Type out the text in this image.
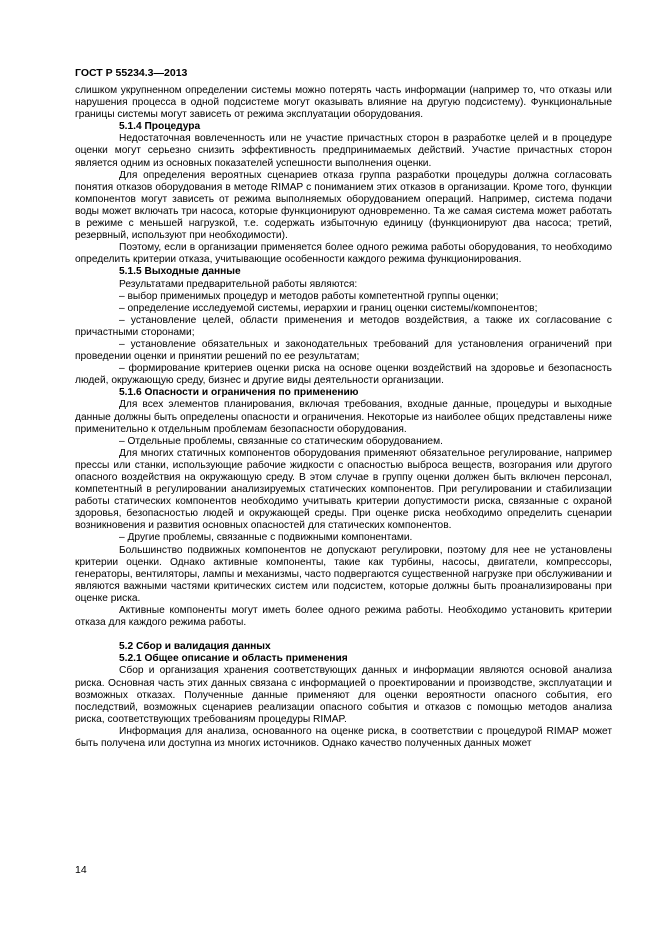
ГОСТ Р 55234.3—2013

слишком укрупненном определении системы можно потерять часть информации (например то, что отказы или нарушения процесса в одной подсистеме могут оказывать влияние на другую подсистему). Функциональные границы системы могут зависеть от режима эксплуатации оборудования.

5.1.4 Процедура

Недостаточная вовлеченность или не участие причастных сторон в разработке целей и в процедуре оценки могут серьезно снизить эффективность предпринимаемых действий. Участие причастных сторон является одним из основных показателей успешности выполнения оценки.

Для определения вероятных сценариев отказа группа разработки процедуры должна согласовать понятия отказов оборудования в методе RIMAP с пониманием этих отказов в организации. Кроме того, функции компонентов могут зависеть от режима выполняемых оборудованием операций. Например, система подачи воды может включать три насоса, которые функционируют одновременно. Та же самая система может работать в режиме с меньшей нагрузкой, т.е. содержать избыточную единицу (функционируют два насоса; третий, резервный, используют при необходимости).

Поэтому, если в организации применяется более одного режима работы оборудования, то необходимо определить критерии отказа, учитывающие особенности каждого режима функционирования.

5.1.5 Выходные данные

Результатами предварительной работы являются:

– выбор применимых процедур и методов работы компетентной группы оценки;

– определение исследуемой системы, иерархии и границ оценки системы/компонентов;

– установление целей, области применения и методов воздействия, а также их согласование с причастными сторонами;

– установление обязательных и законодательных требований для установления ограничений при проведении оценки и принятии решений по ее результатам;

– формирование критериев оценки риска на основе оценки воздействий на здоровье и безопасность людей, окружающую среду, бизнес и другие виды деятельности организации.

5.1.6 Опасности и ограничения по применению

Для всех элементов планирования, включая требования, входные данные, процедуры и выходные данные должны быть определены опасности и ограничения. Некоторые из наиболее общих представлены ниже применительно к отдельным проблемам безопасности оборудования.

– Отдельные проблемы, связанные со статическим оборудованием.

Для многих статичных компонентов оборудования применяют обязательное регулирование, например прессы или станки, использующие рабочие жидкости с опасностью выброса веществ, возгорания или другого опасного воздействия на окружающую среду. В этом случае в группу оценки должен быть включен персонал, компетентный в регулировании анализируемых статических компонентов. При регулировании и стабилизации работы статических компонентов необходимо учитывать критерии допустимости риска, связанные с охраной здоровья, безопасностью людей и окружающей среды. При оценке риска необходимо определить сценарии возникновения и развития основных опасностей для статических компонентов.

– Другие проблемы, связанные с подвижными компонентами.

Большинство подвижных компонентов не допускают регулировки, поэтому для нее не установлены критерии оценки. Однако активные компоненты, такие как турбины, насосы, двигатели, компрессоры, генераторы, вентиляторы, лампы и механизмы, часто подвергаются существенной нагрузке при обслуживании и являются важными частями критических систем или подсистем, которые должны быть проанализированы при оценке риска.

Активные компоненты могут иметь более одного режима работы. Необходимо установить критерии отказа для каждого режима работы.

5.2 Сбор и валидация данных

5.2.1 Общее описание и область применения

Сбор и организация хранения соответствующих данных и информации являются основой анализа риска. Основная часть этих данных связана с информацией о проектировании и производстве, эксплуатации и возможных отказах. Полученные данные применяют для оценки вероятности опасного события, его последствий, возможных сценариев реализации опасного события и отказов с помощью методов анализа риска, соответствующих требованиям процедуры RIMAP.

Информация для анализа, основанного на оценке риска, в соответствии с процедурой RIMAP может быть получена или доступна из многих источников. Однако качество полученных данных может

14
